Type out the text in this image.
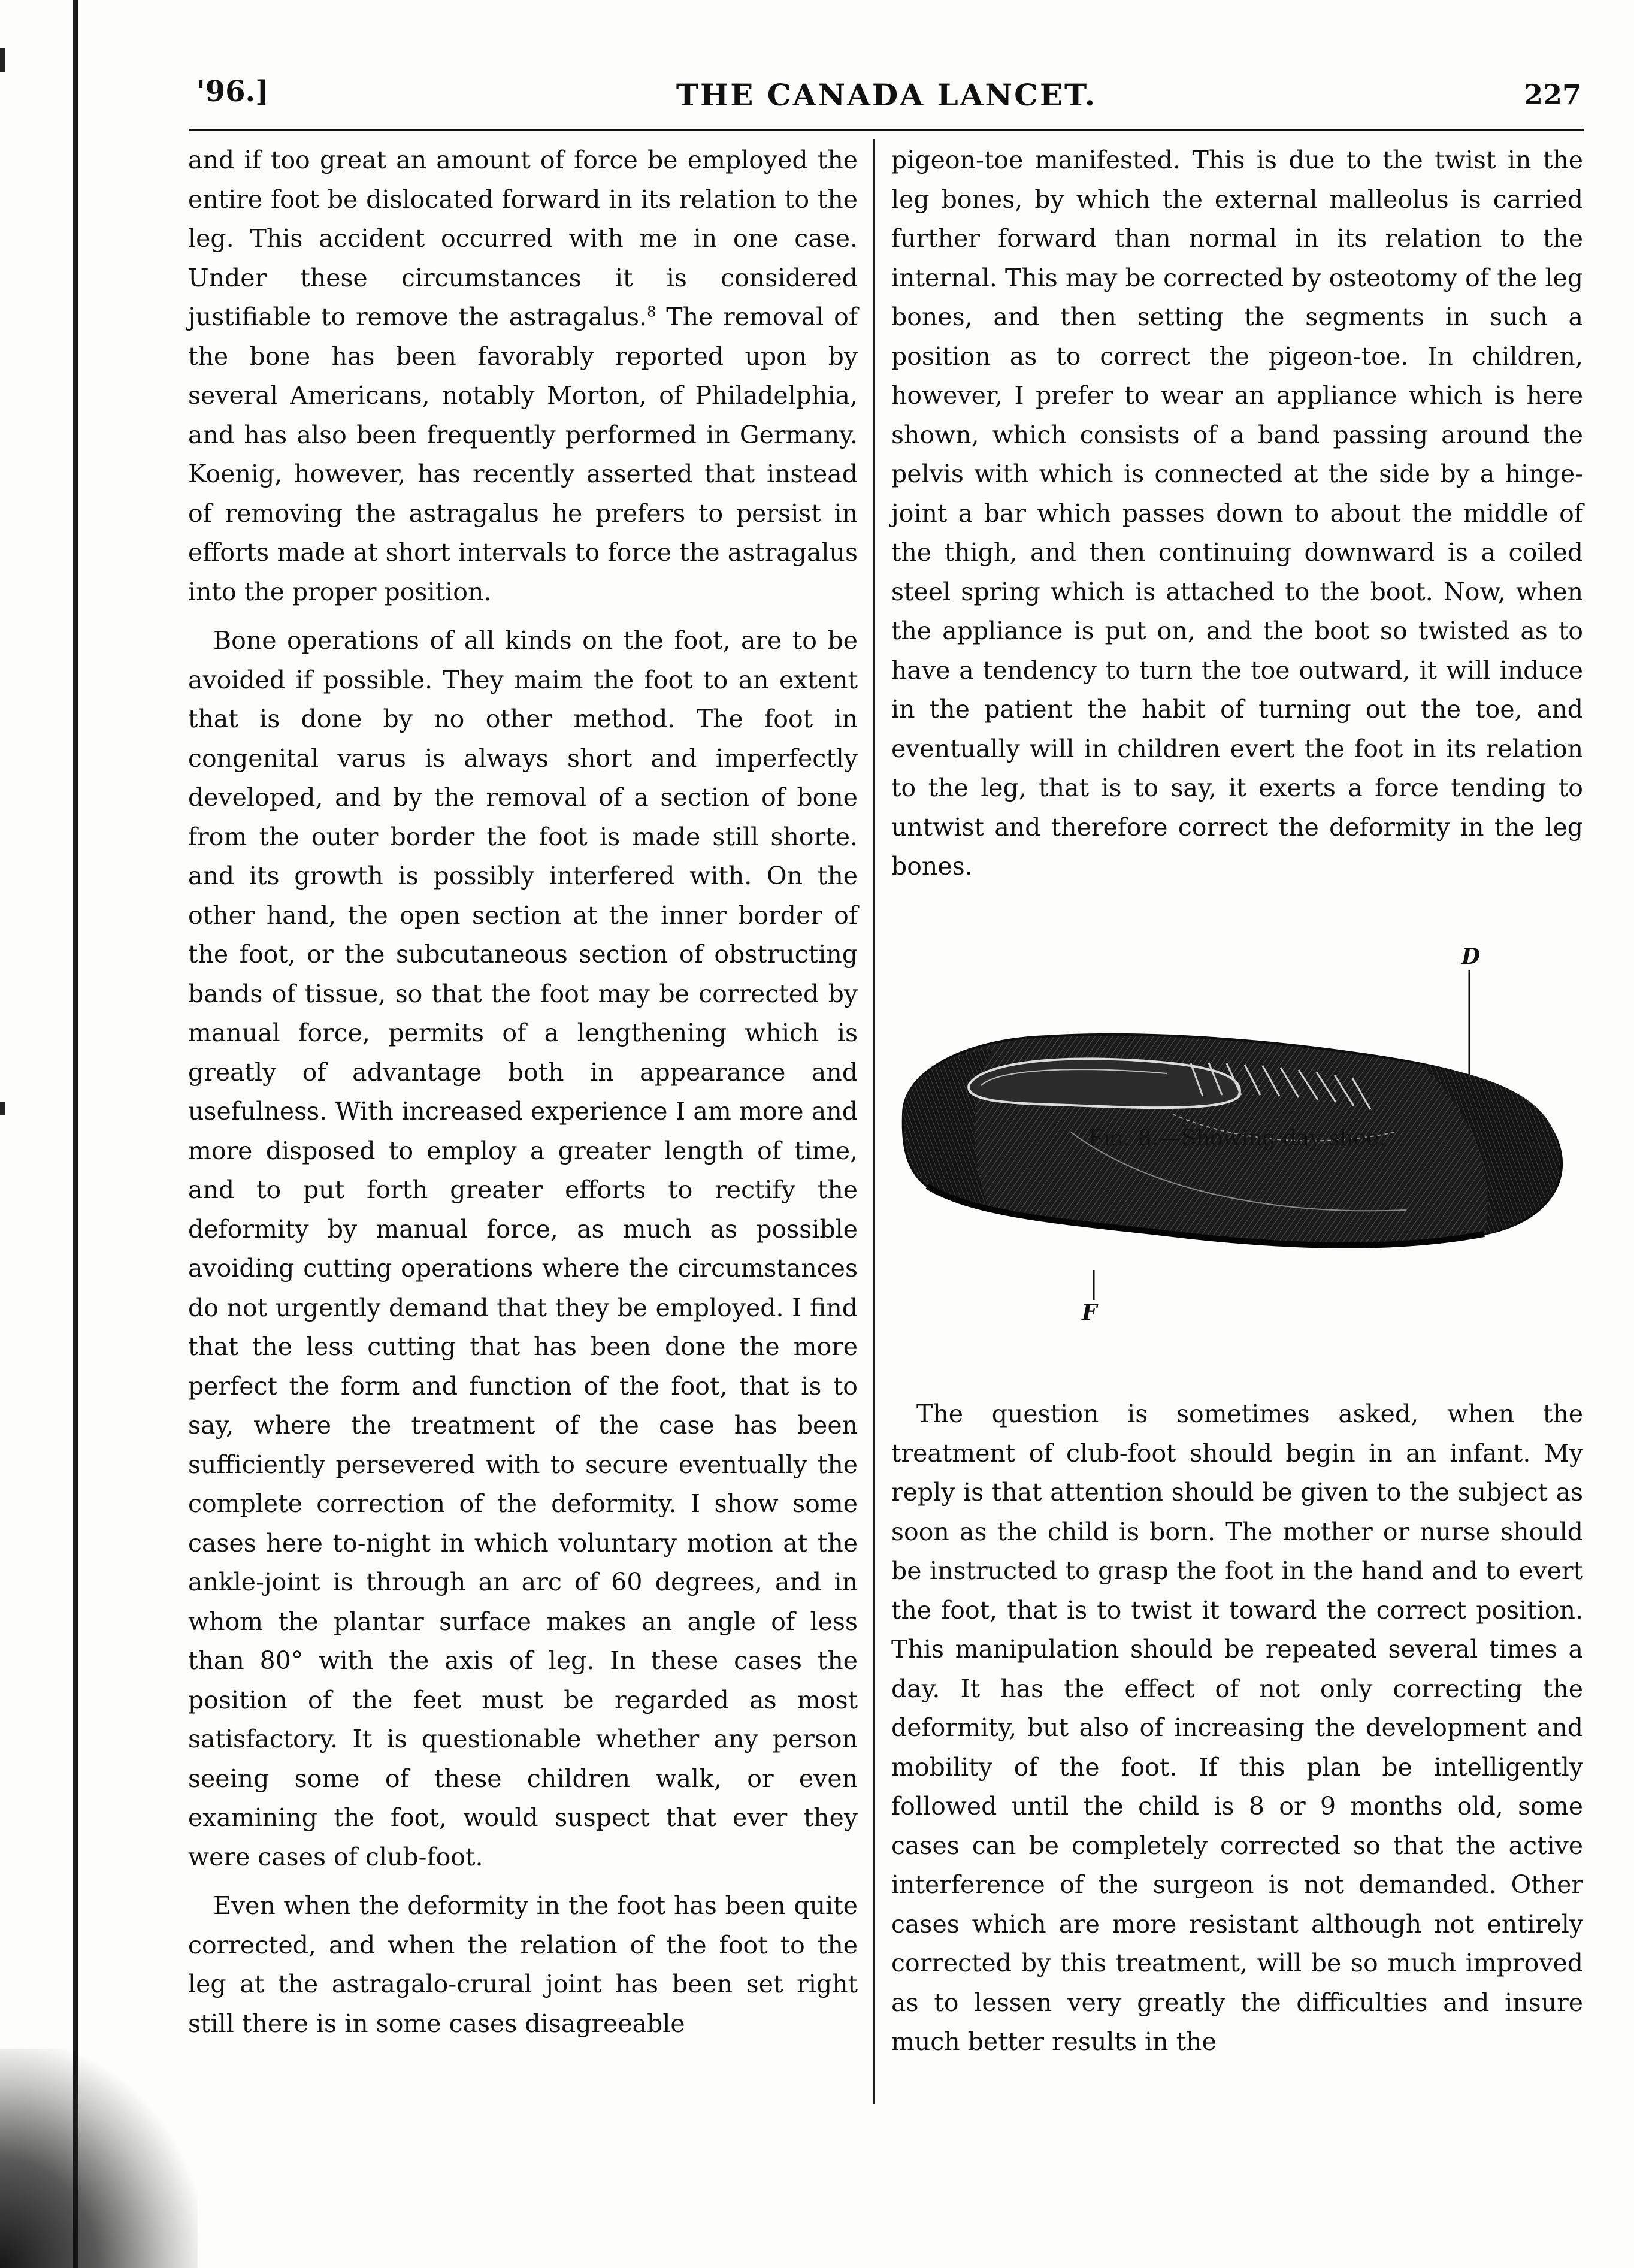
'96.]	THE CANADA LANCET.	227

and if too great an amount of force be employed the entire foot be dislocated forward in its relation to the leg. This accident occurred with me in one case. Under these circumstances it is considered justifiable to remove the astragalus.$^8$ The removal of the bone has been favorably reported upon by several Americans, notably Morton, of Philadelphia, and has also been frequently performed in Germany. Koenig, however, has recently asserted that instead of removing the astragalus he prefers to persist in efforts made at short intervals to force the astragalus into the proper position.

Bone operations of all kinds on the foot, are to be avoided if possible. They maim the foot to an extent that is done by no other method. The foot in congenital varus is always short and imperfectly developed, and by the removal of a section of bone from the outer border the foot is made still shorte. and its growth is possibly interfered with. On the other hand, the open section at the inner border of the foot, or the subcutaneous section of obstructing bands of tissue, so that the foot may be corrected by manual force, permits of a lengthening which is greatly of advantage both in appearance and usefulness. With increased experience I am more and more disposed to employ a greater length of time, and to put forth greater efforts to rectify the deformity by manual force, as much as possible avoiding cutting operations where the circumstances do not urgently demand that they be employed. I find that the less cutting that has been done the more perfect the form and function of the foot, that is to say, where the treatment of the case has been sufficiently persevered with to secure eventually the complete correction of the deformity. I show some cases here to-night in which voluntary motion at the ankle-joint is through an arc of 60 degrees, and in whom the plantar surface makes an angle of less than 80° with the axis of leg. In these cases the position of the feet must be regarded as most satisfactory. It is questionable whether any person seeing some of these children walk, or even examining the foot, would suspect that ever they were cases of club-foot.

Even when the deformity in the foot has been quite corrected, and when the relation of the foot to the leg at the astragalo-crural joint has been set right still there is in some cases disagreeable

pigeon-toe manifested. This is due to the twist in the leg bones, by which the external malleolus is carried further forward than normal in its relation to the internal. This may be corrected by osteotomy of the leg bones, and then setting the segments in such a position as to correct the pigeon-toe. In children, however, I prefer to wear an appliance which is here shown, which consists of a band passing around the pelvis with which is connected at the side by a hinge-joint a bar which passes down to about the middle of the thigh, and then continuing downward is a coiled steel spring which is attached to the boot. Now, when the appliance is put on, and the boot so twisted as to have a tendency to turn the toe outward, it will induce in the patient the habit of turning out the toe, and eventually will in children evert the foot in its relation to the leg, that is to say, it exerts a force tending to untwist and therefore correct the deformity in the leg bones.

D
F
Fig. 8.—Showing day shoe.

The question is sometimes asked, when the treatment of club-foot should begin in an infant. My reply is that attention should be given to the subject as soon as the child is born. The mother or nurse should be instructed to grasp the foot in the hand and to evert the foot, that is to twist it toward the correct position. This manipulation should be repeated several times a day. It has the effect of not only correcting the deformity, but also of increasing the development and mobility of the foot. If this plan be intelligently followed until the child is 8 or 9 months old, some cases can be completely corrected so that the active interference of the surgeon is not demanded. Other cases which are more resistant although not entirely corrected by this treatment, will be so much improved as to lessen very greatly the difficulties and insure much better results in the
